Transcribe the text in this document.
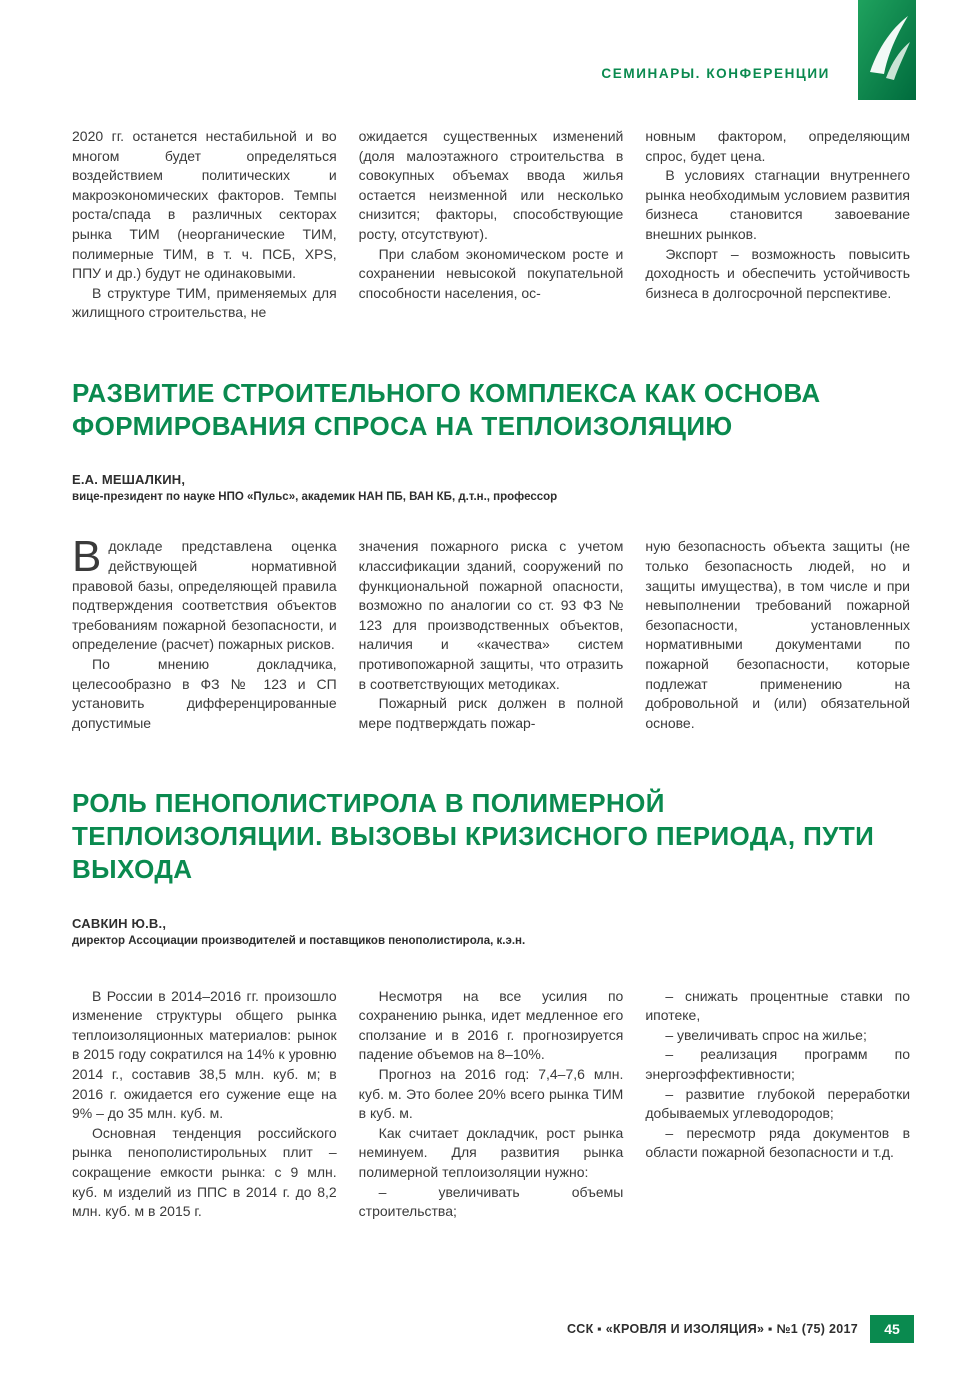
СЕМИНАРЫ. КОНФЕРЕНЦИИ

2020 гг. останется нестабильной и во многом будет определяться воздействием политических и макроэкономических факторов. Темпы роста/спада в различных секторах рынка ТИМ (неорганические ТИМ, полимерные ТИМ, в т. ч. ПСБ, XPS, ППУ и др.) будут не одинаковыми.

В структуре ТИМ, применяемых для жилищного строительства, не

ожидается существенных изменений (доля малоэтажного строительства в совокупных объемах ввода жилья остается неизменной или несколько снизится; факторы, способствующие росту, отсутствуют).

При слабом экономическом росте и сохранении невысокой покупательной способности населения, ос-

новным фактором, определяющим спрос, будет цена.

В условиях стагнации внутреннего рынка необходимым условием развития бизнеса становится завоевание внешних рынков.

Экспорт – возможность повысить доходность и обеспечить устойчивость бизнеса в долгосрочной перспективе.

РАЗВИТИЕ СТРОИТЕЛЬНОГО КОМПЛЕКСА КАК ОСНОВА ФОРМИРОВАНИЯ СПРОСА НА ТЕПЛОИЗОЛЯЦИЮ
Е.А. МЕШАЛКИН,
вице-президент по науке НПО «Пульс», академик НАН ПБ, ВАН КБ, д.т.н., профессор

Вдокладе представлена оценка действующей нормативной правовой базы, определяющей правила подтверждения соответствия объектов требованиям пожарной безопасности, и определение (расчет) пожарных рисков.

По мнению докладчика, целесообразно в ФЗ № 123 и СП установить дифференцированные допустимые

значения пожарного риска с учетом классификации зданий, сооружений по функциональной пожарной опасности, возможно по аналогии со ст. 93 ФЗ № 123 для производственных объектов, наличия и «качества» систем противопожарной защиты, что отразить в соответствующих методиках.

Пожарный риск должен в полной мере подтверждать пожар-

ную безопасность объекта защиты (не только безопасность людей, но и защиты имущества), в том числе и при невыполнении требований пожарной безопасности, установленных нормативными документами по пожарной безопасности, которые подлежат применению на добровольной и (или) обязательной основе.

РОЛЬ ПЕНОПОЛИСТИРОЛА В ПОЛИМЕРНОЙ ТЕПЛОИЗОЛЯЦИИ. ВЫЗОВЫ КРИЗИСНОГО ПЕРИОДА, ПУТИ ВЫХОДА
САВКИН Ю.В.,
директор Ассоциации производителей и поставщиков пенополистирола, к.э.н.

В России в 2014–2016 гг. произошло изменение структуры общего рынка теплоизоляционных материалов: рынок в 2015 году сократился на 14% к уровню 2014 г., составив 38,5 млн. куб. м; в 2016 г. ожидается его сужение еще на 9% – до 35 млн. куб. м.

Основная тенденция российского рынка пенополистирольных плит – сокращение емкости рынка: с 9 млн. куб. м изделий из ППС в 2014 г. до 8,2 млн. куб. м в 2015 г.

Несмотря на все усилия по сохранению рынка, идет медленное его сползание и в 2016 г. прогнозируется падение объемов на 8–10%.

Прогноз на 2016 год: 7,4–7,6 млн. куб. м. Это более 20% всего рынка ТИМ в куб. м.

Как считает докладчик, рост рынка неминуем. Для развития рынка полимерной теплоизоляции нужно:

– увеличивать объемы строительства;

– снижать процентные ставки по ипотеке,

– увеличивать спрос на жилье;

– реализация программ по энергоэффективности;

– развитие глубокой переработки добываемых углеводородов;

– пересмотр ряда документов в области пожарной безопасности и т.д.

ССК ▪ «КРОВЛЯ И ИЗОЛЯЦИЯ» ▪ №1 (75) 2017	45
